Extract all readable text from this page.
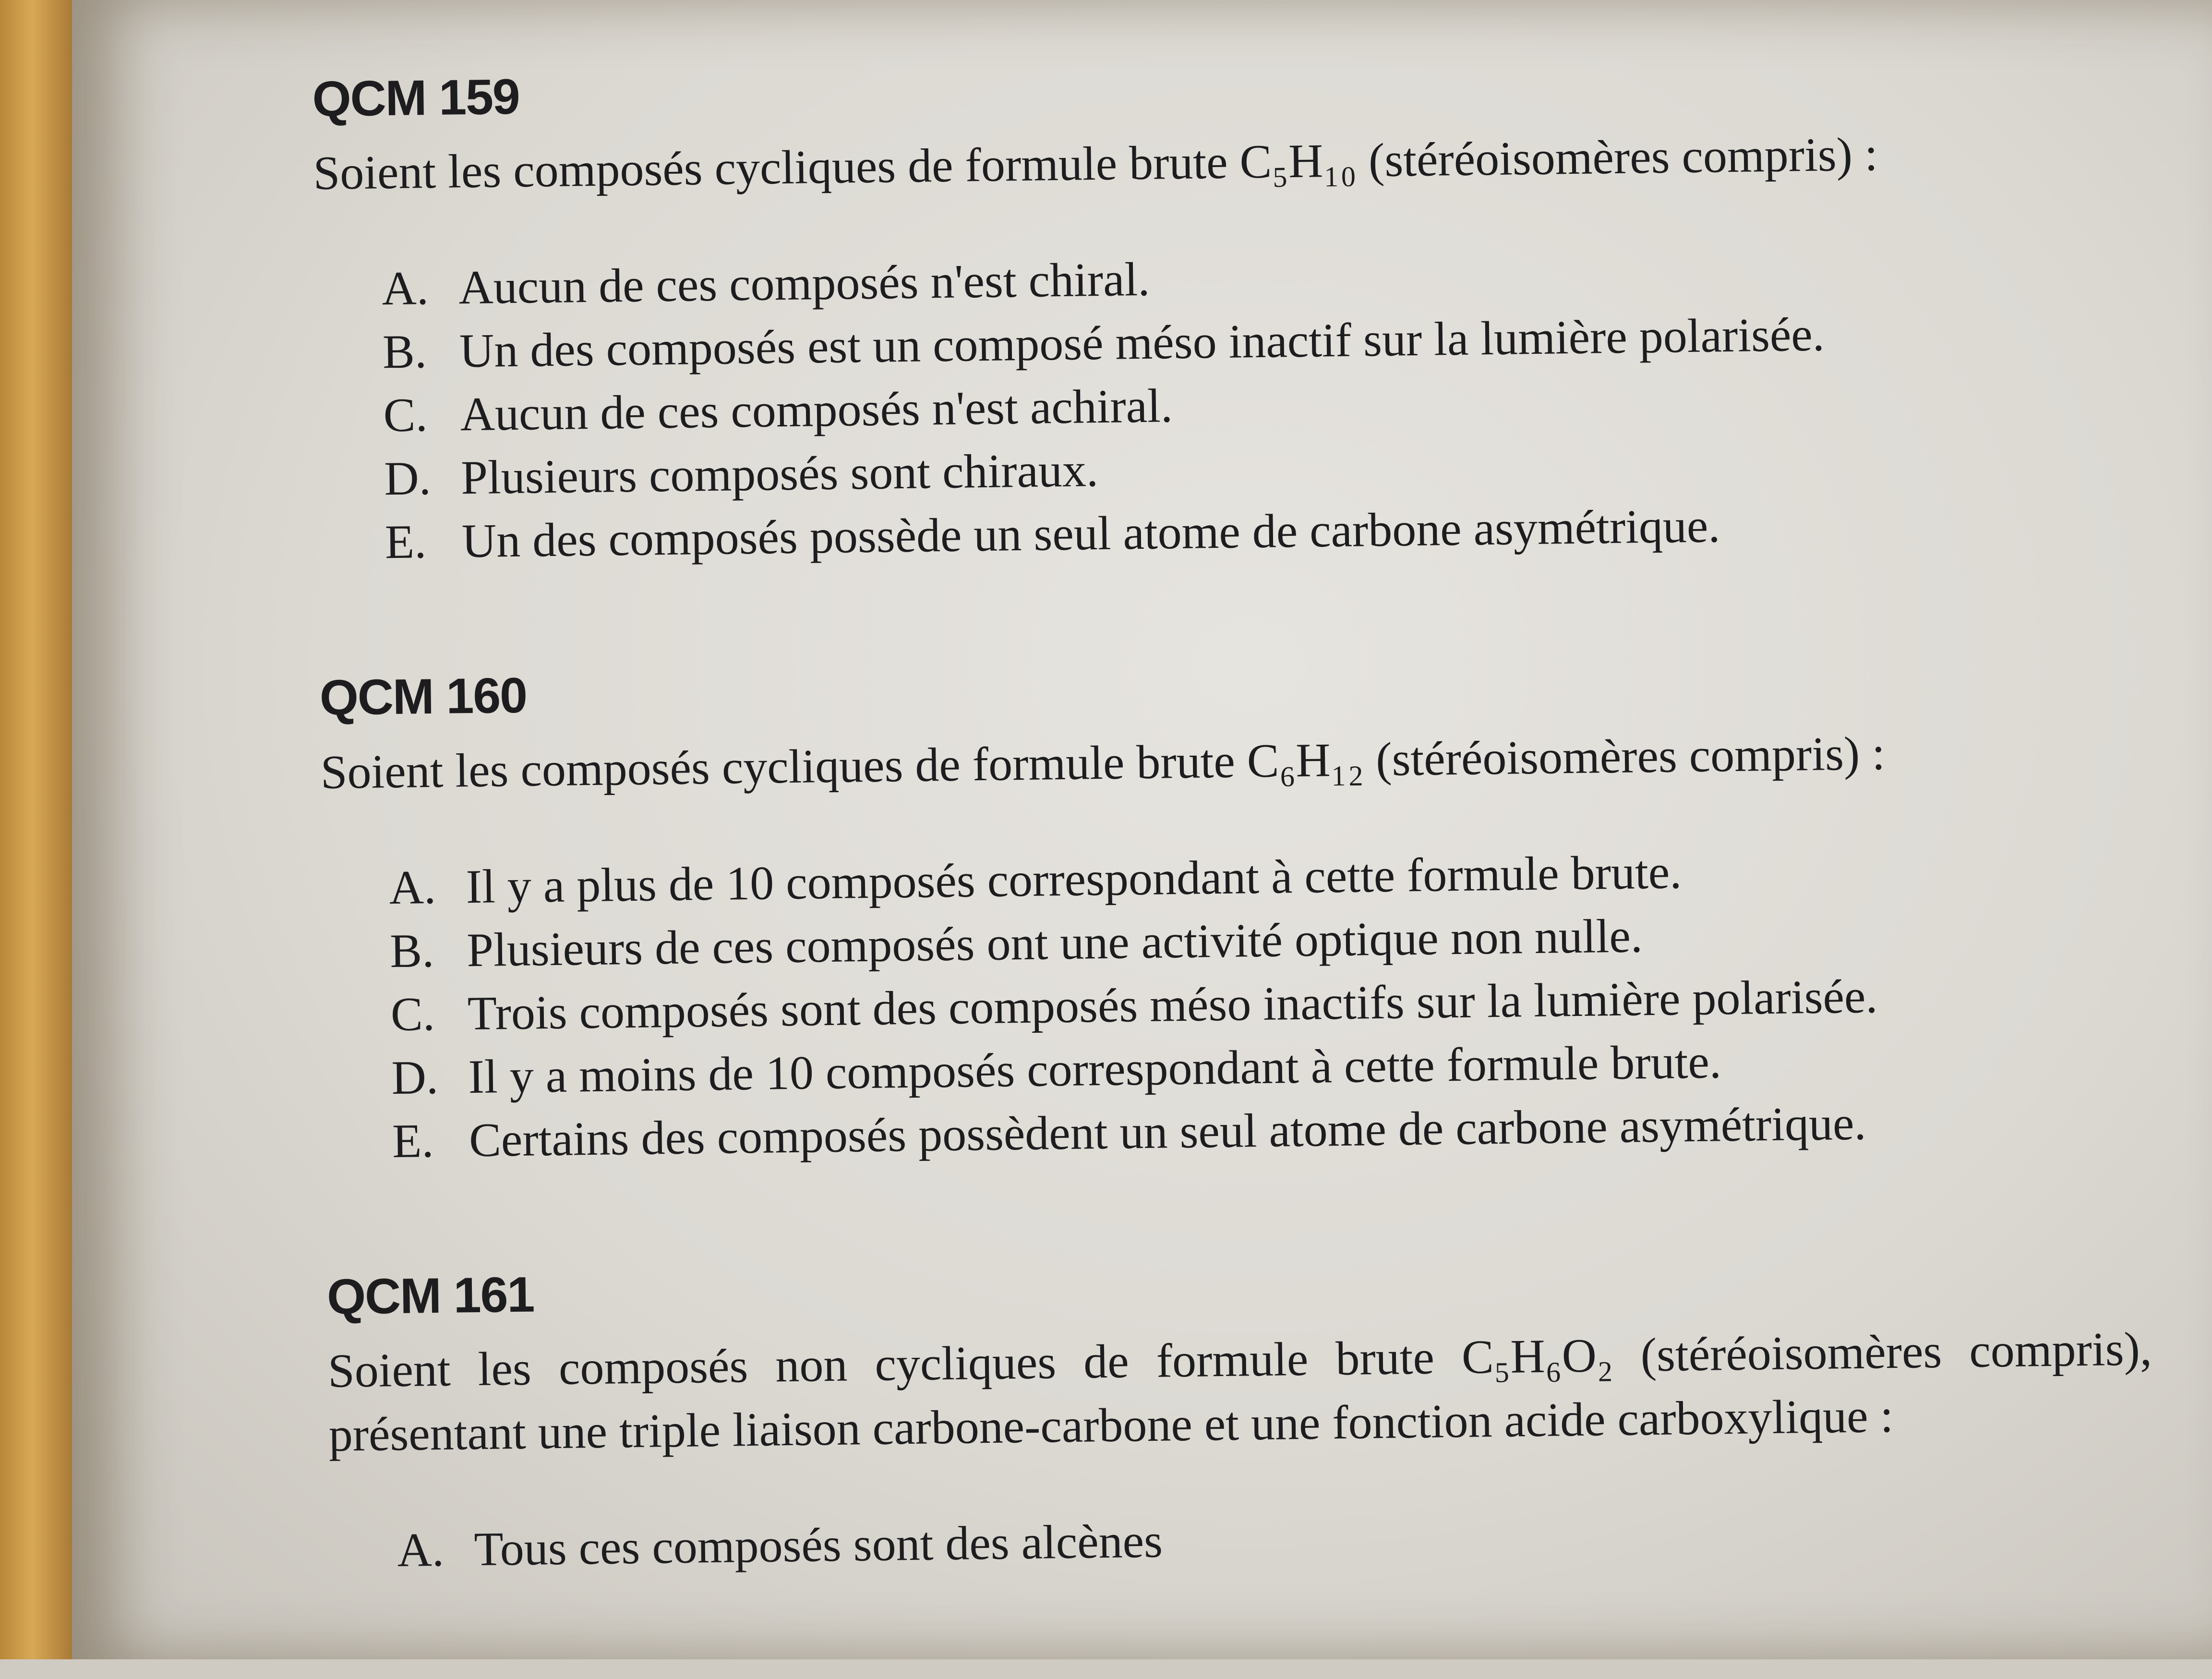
QCM 159

Soient les composés cycliques de formule brute C₅H₁₀ (stéréoisomères compris) :

A. Aucun de ces composés n'est chiral.
B. Un des composés est un composé méso inactif sur la lumière polarisée.
C. Aucun de ces composés n'est achiral.
D. Plusieurs composés sont chiraux.
E. Un des composés possède un seul atome de carbone asymétrique.
QCM 160

Soient les composés cycliques de formule brute C₆H₁₂ (stéréoisomères compris) :

A. Il y a plus de 10 composés correspondant à cette formule brute.
B. Plusieurs de ces composés ont une activité optique non nulle.
C. Trois composés sont des composés méso inactifs sur la lumière polarisée.
D. Il y a moins de 10 composés correspondant à cette formule brute.
E. Certains des composés possèdent un seul atome de carbone asymétrique.
QCM 161

Soient les composés non cycliques de formule brute C₅H₆O₂ (stéréoisomères compris), présentant une triple liaison carbone-carbone et une fonction acide carboxylique :

A. Tous ces composés sont des alcènes
